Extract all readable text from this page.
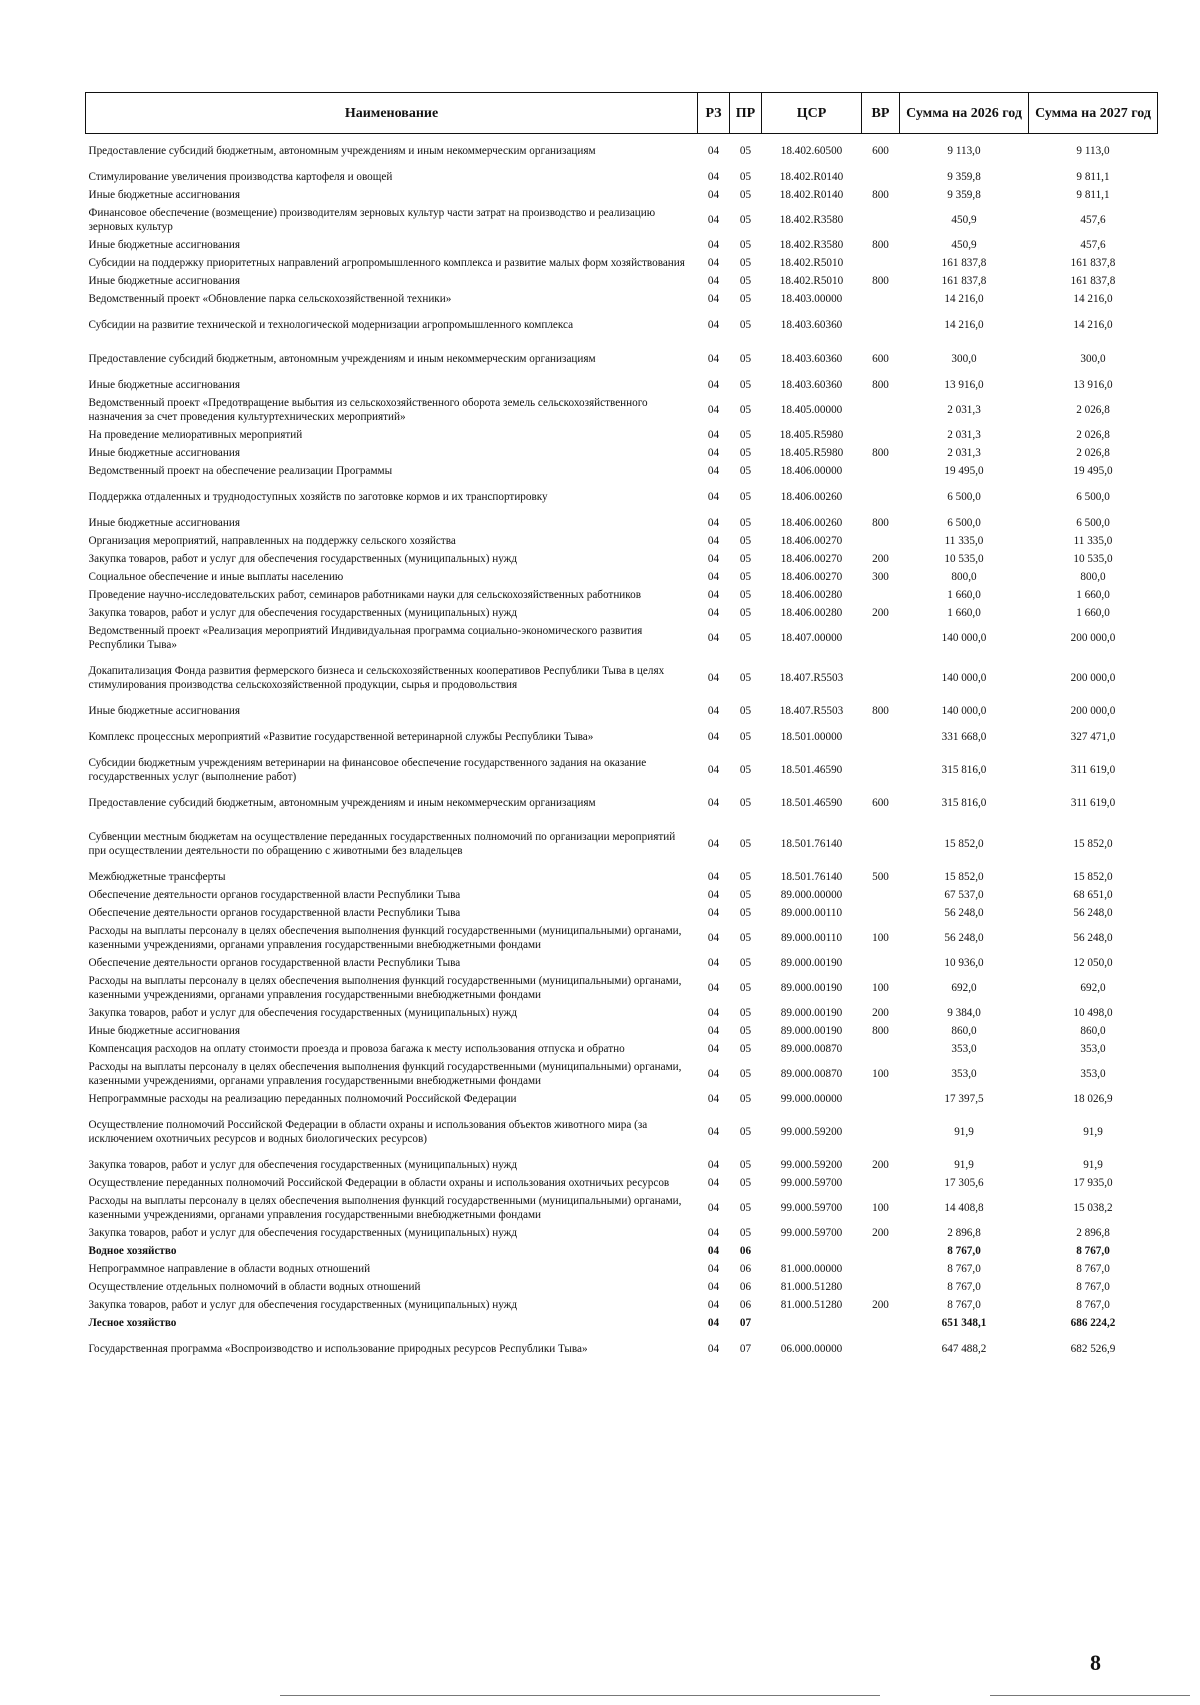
Наименование	РЗ	ПР	ЦСР	ВР	Сумма на 2026 год	Сумма на 2027 год
Предоставление субсидий бюджетным, автономным учреждениям и иным некоммерческим организациям	04	05	18.402.60500	600	9 113,0	9 113,0
Стимулирование увеличения производства картофеля и овощей	04	05	18.402.R0140		9 359,8	9 811,1
Иные бюджетные ассигнования	04	05	18.402.R0140	800	9 359,8	9 811,1
Финансовое обеспечение (возмещение) производителям зерновых культур части затрат на производство и реализацию зерновых культур	04	05	18.402.R3580		450,9	457,6
Иные бюджетные ассигнования	04	05	18.402.R3580	800	450,9	457,6
Субсидии на поддержку приоритетных направлений агропромышленного комплекса и развитие малых форм хозяйствования	04	05	18.402.R5010		161 837,8	161 837,8
Иные бюджетные ассигнования	04	05	18.402.R5010	800	161 837,8	161 837,8
Ведомственный проект «Обновление парка сельскохозяйственной техники»	04	05	18.403.00000		14 216,0	14 216,0
Субсидии на развитие технической и технологической модернизации агропромышленного комплекса	04	05	18.403.60360		14 216,0	14 216,0
Предоставление субсидий бюджетным, автономным учреждениям и иным некоммерческим организациям	04	05	18.403.60360	600	300,0	300,0
Иные бюджетные ассигнования	04	05	18.403.60360	800	13 916,0	13 916,0
Ведомственный проект «Предотвращение выбытия из сельскохозяйственного оборота земель сельскохозяйственного назначения за счет проведения культуртехнических мероприятий»	04	05	18.405.00000		2 031,3	2 026,8
На проведение мелиоративных мероприятий	04	05	18.405.R5980		2 031,3	2 026,8
Иные бюджетные ассигнования	04	05	18.405.R5980	800	2 031,3	2 026,8
Ведомственный проект на обеспечение реализации Программы	04	05	18.406.00000		19 495,0	19 495,0
Поддержка отдаленных и труднодоступных хозяйств по заготовке кормов и их транспортировку	04	05	18.406.00260		6 500,0	6 500,0
Иные бюджетные ассигнования	04	05	18.406.00260	800	6 500,0	6 500,0
Организация мероприятий, направленных на поддержку сельского хозяйства	04	05	18.406.00270		11 335,0	11 335,0
Закупка товаров, работ и услуг для обеспечения государственных (муниципальных) нужд	04	05	18.406.00270	200	10 535,0	10 535,0
Социальное обеспечение и иные выплаты населению	04	05	18.406.00270	300	800,0	800,0
Проведение научно-исследовательских работ, семинаров работниками науки для сельскохозяйственных работников	04	05	18.406.00280		1 660,0	1 660,0
Закупка товаров, работ и услуг для обеспечения государственных (муниципальных) нужд	04	05	18.406.00280	200	1 660,0	1 660,0
Ведомственный проект «Реализация мероприятий Индивидуальная программа социально-экономического развития Республики Тыва»	04	05	18.407.00000		140 000,0	200 000,0
Докапитализация Фонда развития фермерского бизнеса и сельскохозяйственных кооперативов Республики Тыва в целях стимулирования производства сельскохозяйственной продукции, сырья и продовольствия	04	05	18.407.R5503		140 000,0	200 000,0
Иные бюджетные ассигнования	04	05	18.407.R5503	800	140 000,0	200 000,0
Комплекс процессных мероприятий «Развитие государственной ветеринарной службы Республики Тыва»	04	05	18.501.00000		331 668,0	327 471,0
Субсидии бюджетным учреждениям ветеринарии на финансовое обеспечение государственного задания на оказание государственных услуг (выполнение работ)	04	05	18.501.46590		315 816,0	311 619,0
Предоставление субсидий бюджетным, автономным учреждениям и иным некоммерческим организациям	04	05	18.501.46590	600	315 816,0	311 619,0
Субвенции местным бюджетам на осуществление переданных государственных полномочий по организации мероприятий при осуществлении деятельности по обращению с животными без владельцев	04	05	18.501.76140		15 852,0	15 852,0
Межбюджетные трансферты	04	05	18.501.76140	500	15 852,0	15 852,0
Обеспечение деятельности органов государственной власти Республики Тыва	04	05	89.000.00000		67 537,0	68 651,0
Обеспечение деятельности органов государственной власти Республики Тыва	04	05	89.000.00110		56 248,0	56 248,0
Расходы на выплаты персоналу в целях обеспечения выполнения функций государственными (муниципальными) органами, казенными учреждениями, органами управления государственными внебюджетными фондами	04	05	89.000.00110	100	56 248,0	56 248,0
Обеспечение деятельности органов государственной власти Республики Тыва	04	05	89.000.00190		10 936,0	12 050,0
Расходы на выплаты персоналу в целях обеспечения выполнения функций государственными (муниципальными) органами, казенными учреждениями, органами управления государственными внебюджетными фондами	04	05	89.000.00190	100	692,0	692,0
Закупка товаров, работ и услуг для обеспечения государственных (муниципальных) нужд	04	05	89.000.00190	200	9 384,0	10 498,0
Иные бюджетные ассигнования	04	05	89.000.00190	800	860,0	860,0
Компенсация расходов на оплату стоимости проезда и провоза багажа к месту использования отпуска и обратно	04	05	89.000.00870		353,0	353,0
Расходы на выплаты персоналу в целях обеспечения выполнения функций государственными (муниципальными) органами, казенными учреждениями, органами управления государственными внебюджетными фондами	04	05	89.000.00870	100	353,0	353,0
Непрограммные расходы на реализацию переданных полномочий Российской Федерации	04	05	99.000.00000		17 397,5	18 026,9
Осуществление полномочий Российской Федерации в области охраны и использования объектов животного мира (за исключением охотничьих ресурсов и водных биологических ресурсов)	04	05	99.000.59200		91,9	91,9
Закупка товаров, работ и услуг для обеспечения государственных (муниципальных) нужд	04	05	99.000.59200	200	91,9	91,9
Осуществление переданных полномочий Российской Федерации в области охраны и использования охотничьих ресурсов	04	05	99.000.59700		17 305,6	17 935,0
Расходы на выплаты персоналу в целях обеспечения выполнения функций государственными (муниципальными) органами, казенными учреждениями, органами управления государственными внебюджетными фондами	04	05	99.000.59700	100	14 408,8	15 038,2
Закупка товаров, работ и услуг для обеспечения государственных (муниципальных) нужд	04	05	99.000.59700	200	2 896,8	2 896,8
Водное хозяйство	04	06			8 767,0	8 767,0
Непрограммное направление в области водных отношений	04	06	81.000.00000		8 767,0	8 767,0
Осуществление отдельных полномочий в области водных отношений	04	06	81.000.51280		8 767,0	8 767,0
Закупка товаров, работ и услуг для обеспечения государственных (муниципальных) нужд	04	06	81.000.51280	200	8 767,0	8 767,0
Лесное хозяйство	04	07			651 348,1	686 224,2
Государственная программа «Воспроизводство и использование природных ресурсов Республики Тыва»	04	07	06.000.00000		647 488,2	682 526,9
8
